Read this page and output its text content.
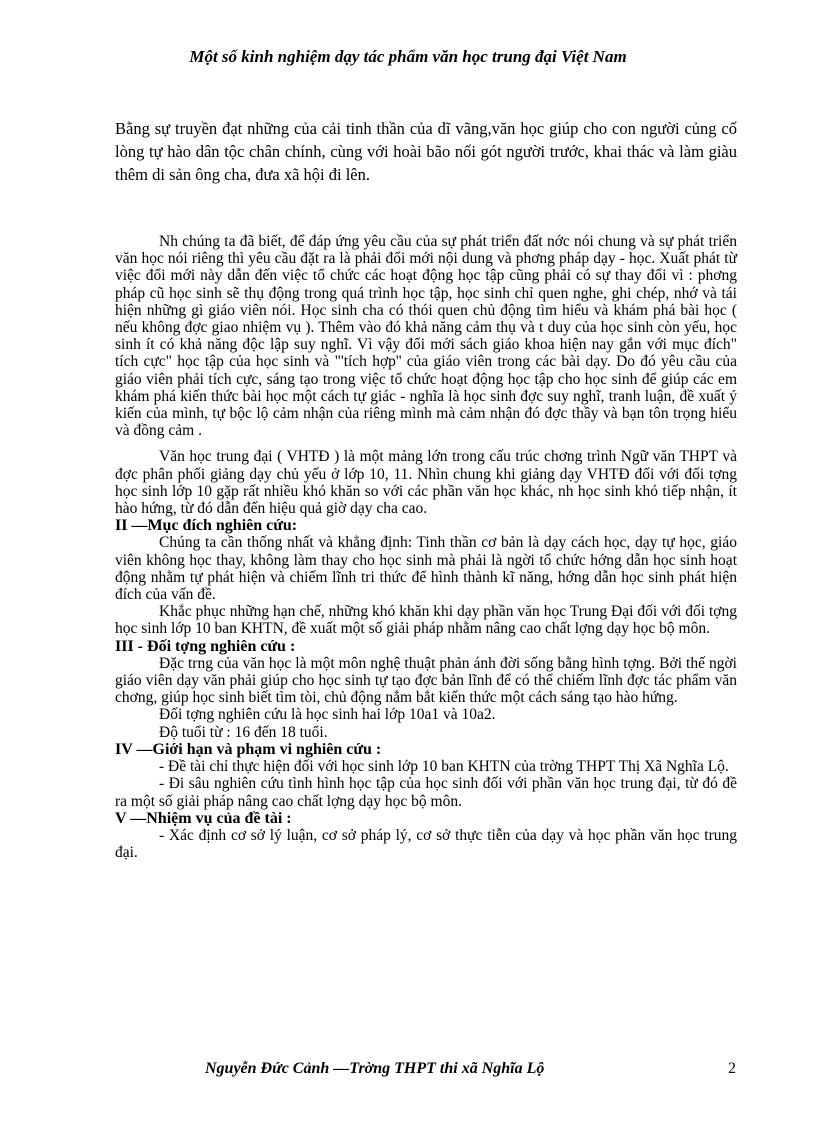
Một số kinh nghiệm dạy tác phẩm văn học trung đại Việt Nam

Bằng sự truyền đạt những của cải tinh thần của dĩ vãng,văn học giúp cho con người củng cố lòng tự hào dân tộc chân chính, cùng với hoài bão nối gót người trước, khai thác và làm giàu thêm di sản ông cha, đưa xã hội đi lên.

Nh chúng ta đã biết, để đáp ứng yêu cầu của sự phát triển đất nớc nói chung và sự phát triển văn học nói riêng thì yêu cầu đặt ra là phải đổi mới nội dung và phơng pháp dạy - học. Xuất phát từ việc đổi mới này dẫn đến việc tổ chức các hoạt động học tập cũng phải có sự thay đổi vì : phơng pháp cũ học sinh sẽ thụ động trong quá trình học tập, học sinh chỉ quen nghe, ghi chép, nhớ và tái hiện những gì giáo viên nói. Học sinh cha có thói quen chủ động tìm hiểu và khám phá bài học ( nếu không đợc giao nhiệm vụ ). Thêm vào đó khả năng cảm thụ và t duy của học sinh còn yếu, học sinh ít có khả năng độc lập suy nghĩ. Vì vậy đổi mới sách giáo khoa hiện nay gắn với mục đích" tích cực" học tập của học sinh và "'tích hợp'' của giáo viên trong các bài dạy. Do đó yêu cầu của giáo viên phải tích cực, sáng tạo trong việc tổ chức hoạt động học tập cho học sinh để giúp các em khám phá kiến thức bài học một cách tự giác - nghĩa là học sinh đợc suy nghĩ, tranh luận, đề xuất ý kiến của mình, tự bộc lộ cảm nhận của riêng mình mà cảm nhận đó đợc thầy và bạn tôn trọng hiểu và đồng cảm .

Văn học trung đại ( VHTĐ ) là một mảng lớn trong cấu trúc chơng trình Ngữ văn THPT và đợc phân phối giảng dạy chủ yếu ở lớp 10, 11. Nhìn chung khi giảng dạy VHTĐ đối với đối tợng học sinh lớp 10 gặp rất nhiều khó khăn so với các phần văn học khác, nh học sinh khó tiếp nhận, ít hào hứng, từ đó dẫn đến hiệu quả giờ dạy cha cao.

II —Mục đích nghiên cứu:

Chúng ta cần thống nhất và khẳng định: Tinh thần cơ bản là dạy cách học, dạy tự học, giáo viên không học thay, không làm thay cho học sinh mà phải là ngời tổ chức hớng dẫn học sinh hoạt động nhằm tự phát hiện và chiếm lĩnh tri thức để hình thành kĩ năng, hớng dẫn học sinh phát hiện đích của vấn đề.

Khắc phục những hạn chế, những khó khăn khi dạy phần văn học Trung Đại đối với đối tợng học sinh lớp 10 ban KHTN, đề xuất một số giải pháp nhằm nâng cao chất lợng dạy học bộ môn.

III - Đối tợng nghiên cứu :

Đặc trng của văn học là một môn nghệ thuật phản ánh đời sống bằng hình tợng. Bởi thế ngời giáo viên dạy văn phải giúp cho học sinh tự tạo đợc bản lĩnh để có thể chiếm lĩnh đợc tác phẩm văn chơng, giúp học sinh biết tìm tòi, chủ động nắm bắt kiến thức một cách sáng tạo hào hứng.

Đối tợng nghiên cứu là học sinh hai lớp 10a1 và 10a2.

Độ tuổi từ : 16 đến 18 tuổi.

IV —Giới hạn và phạm vi nghiên cứu :

- Đề tài chỉ thực hiện đối với học sinh lớp 10 ban KHTN của trờng THPT Thị Xã Nghĩa Lộ.

- Đi sâu nghiên cứu tình hình học tập của học sinh đối với phần văn học trung đại, từ đó đề ra một số giải pháp nâng cao chất lợng dạy học bộ môn.

V —Nhiệm vụ của đề tài :

- Xác định cơ sở lý luận, cơ sở pháp lý, cơ sở thực tiễn của dạy và học phần văn học trung đại.

Nguyễn Đức Cảnh —Trờng THPT thi xã Nghĩa Lộ	2
